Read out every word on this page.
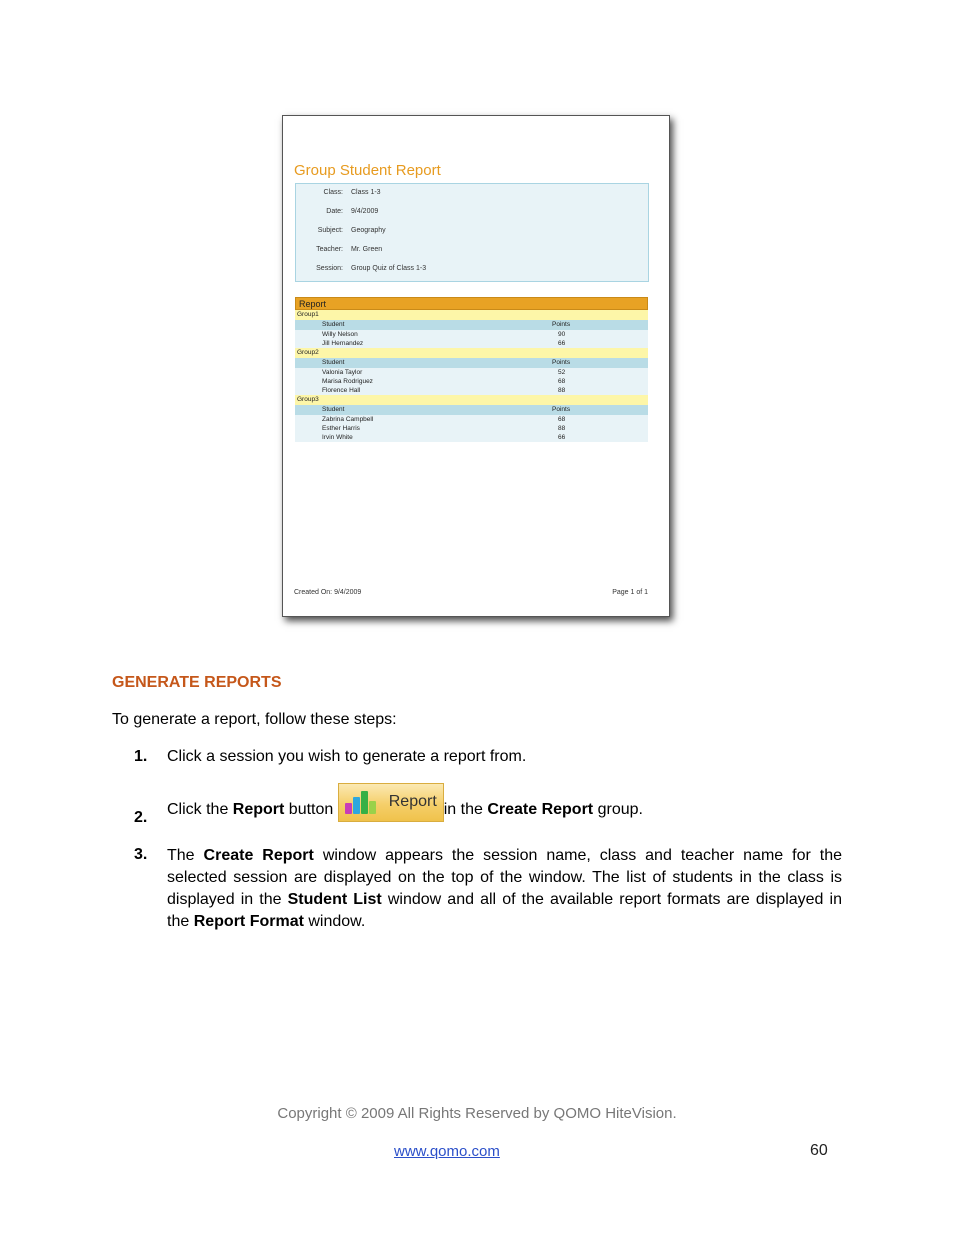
Group Student Report
Class: Class 1-3
Date: 9/4/2009
Subject: Geography
Teacher: Mr. Green
Session: Group Quiz of Class 1-3
Report
Group1
Student	Points
Willy Nelson	90
Jill Hernandez	66
Group2
Student	Points
Valonia Taylor	52
Marisa Rodriguez	68
Florence Hall	88
Group3
Student	Points
Zabrina Campbell	68
Esther Harris	88
Irvin White	66
Created On: 9/4/2009	Page 1 of 1
GENERATE REPORTS
To generate a report, follow these steps:
1. Click a session you wish to generate a report from.
2. Click the Report button	Report in the Create Report group.
3. The Create Report window appears the session name, class and teacher name for the selected session are displayed on the top of the window. The list of students in the class is displayed in the Student List window and all of the available report formats are displayed in the Report Format window.
Copyright © 2009 All Rights Reserved by QOMO HiteVision.
www.qomo.com	60
